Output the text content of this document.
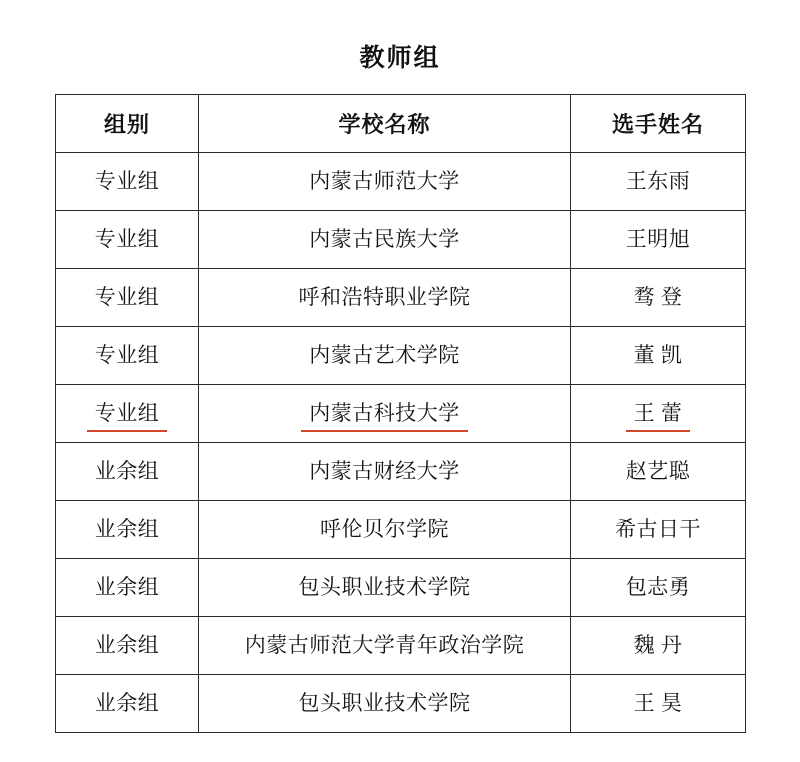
教师组
组别	学校名称	选手姓名
专业组	内蒙古师范大学	王东雨
专业组	内蒙古民族大学	王明旭
专业组	呼和浩特职业学院	骛 登
专业组	内蒙古艺术学院	董 凯
专业组	内蒙古科技大学	王 蕾
业余组	内蒙古财经大学	赵艺聪
业余组	呼伦贝尔学院	希古日干
业余组	包头职业技术学院	包志勇
业余组	内蒙古师范大学青年政治学院	魏 丹
业余组	包头职业技术学院	王 昊
